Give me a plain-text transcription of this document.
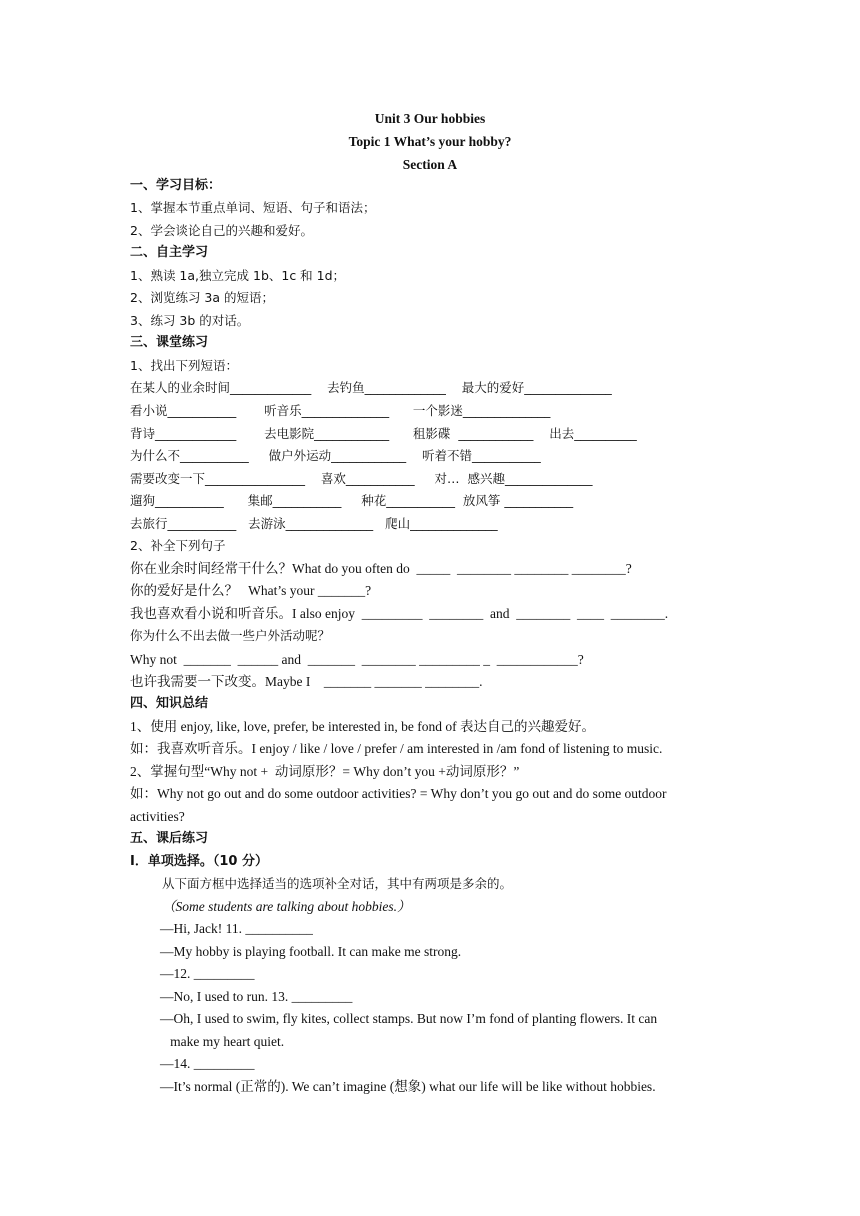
Unit 3 Our hobbies
Topic 1 What’s your hobby?
Section A
一、学习目标：
1、掌握本节重点单词、短语、句子和语法；
2、学会谈论自己的兴趣和爱好。
二、自主学习
1、熟读 1a,独立完成 1b、1c 和 1d；
2、浏览练习 3a 的短语；
3、练习 3b 的对话。
三、课堂练习
1、找出下列短语：
在某人的业余时间_____________    去钓鱼_____________    最大的爱好______________
看小说___________       听音乐______________      一个影迷______________
背诗_____________       去电影院____________      租影碟  ____________    出去__________
为什么不___________     做户外运动____________    听着不错___________
需要改变一下________________    喜欢___________     对…  感兴趣______________
遛狗___________      集邮___________     种花___________  放风筝 ___________
去旅行___________   去游泳______________   爬山______________
2、补全下列句子
你在业余时间经常干什么？What do you often do  _____  ________ ________ ________?
你的爱好是什么？   What’s your _______?
我也喜欢看小说和听音乐。I also enjoy  _________  ________  and  ________  ____  ________.
你为什么不出去做一些户外活动呢？
Why not  _______  ______ and  _______  ________ _________ _  ____________?
也许我需要一下改变。Maybe I    _______ _______ ________.
四、知识总结
1、使用 enjoy, like, love, prefer, be interested in, be fond of 表达自己的兴趣爱好。
如：我喜欢听音乐。I enjoy / like / love / prefer / am interested in /am fond of listening to music.
2、掌握句型“Why not +  动词原形？= Why don’t you +动词原形？”
如：Why not go out and do some outdoor activities? = Why don’t you go out and do some outdoor
activities?
五、课后练习
Ⅰ．单项选择。（10 分）
从下面方框中选择适当的选项补全对话，其中有两项是多余的。
（Some students are talking about hobbies.）
—Hi, Jack! 11. __________
—My hobby is playing football. It can make me strong.
—12. _________
—No, I used to run. 13. _________
—Oh, I used to swim, fly kites, collect stamps. But now I’m fond of planting flowers. It can
make my heart quiet.
—14. _________
—It’s normal (正常的). We can’t imagine (想象) what our life will be like without hobbies.
